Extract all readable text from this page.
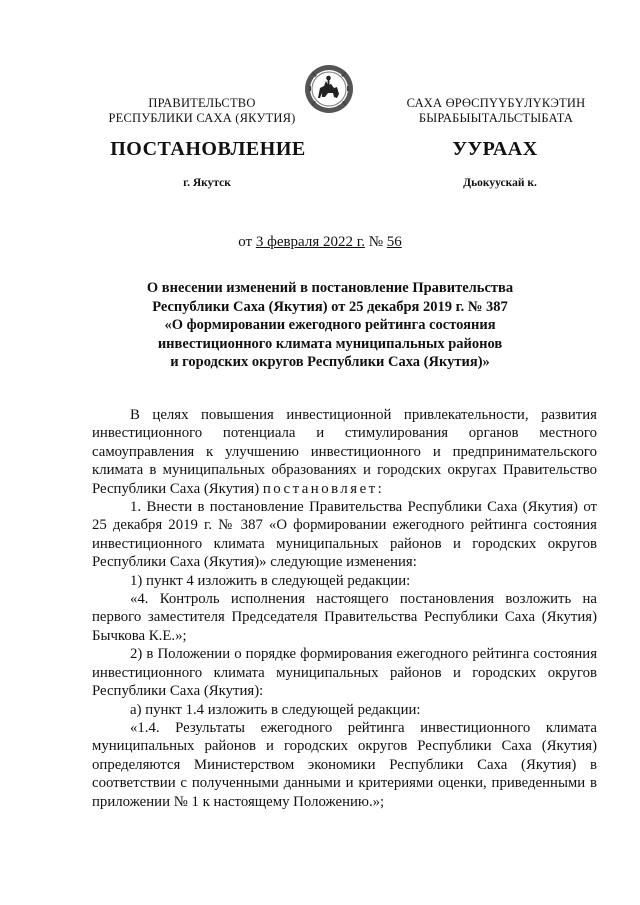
ПРАВИТЕЛЬСТВО
РЕСПУБЛИКИ САХА (ЯКУТИЯ)
САХА ӨРӨСПҮҮБҮЛҮКЭТИН
БЫРАБЫЫТАЛЬСТЫБАТА
ПОСТАНОВЛЕНИЕ	УУРААХ
г. Якутск	Дьокуускай к.
от 3 февраля 2022 г. № 56
О внесении изменений в постановление Правительства
Республики Саха (Якутия) от 25 декабря 2019 г. № 387
«О формировании ежегодного рейтинга состояния
инвестиционного климата муниципальных районов
и городских округов Республики Саха (Якутия)»

В целях повышения инвестиционной привлекательности, развития инвестиционного потенциала и стимулирования органов местного самоуправления к улучшению инвестиционного и предпринимательского климата в муниципальных образованиях и городских округах Правительство Республики Саха (Якутия) постановляет:

1. Внести в постановление Правительства Республики Саха (Якутия) от 25 декабря 2019 г. № 387 «О формировании ежегодного рейтинга состояния инвестиционного климата муниципальных районов и городских округов Республики Саха (Якутия)» следующие изменения:

1) пункт 4 изложить в следующей редакции:

«4. Контроль исполнения настоящего постановления возложить на первого заместителя Председателя Правительства Республики Саха (Якутия) Бычкова К.Е.»;

2) в Положении о порядке формирования ежегодного рейтинга состояния инвестиционного климата муниципальных районов и городских округов Республики Саха (Якутия):

а) пункт 1.4 изложить в следующей редакции:

«1.4. Результаты ежегодного рейтинга инвестиционного климата муниципальных районов и городских округов Республики Саха (Якутия) определяются Министерством экономики Республики Саха (Якутия) в соответствии с полученными данными и критериями оценки, приведенными в приложении № 1 к настоящему Положению.»;
